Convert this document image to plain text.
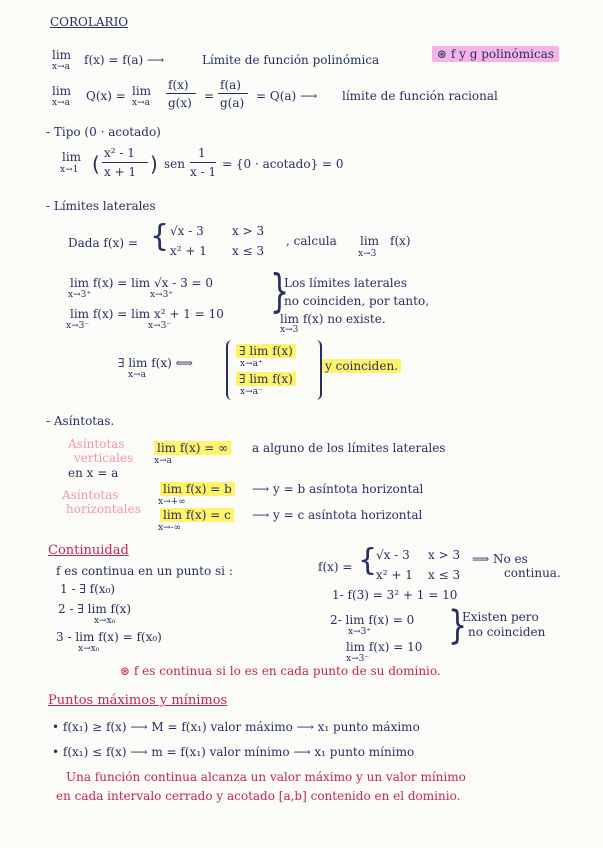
COROLARIO
⊛ f y g polinómicas
lim
x→a f(x) = f(a) ⟶	Límite de función polinómica
lim
x→a Q(x) = lim
x→a
f(x)
g(x) =
f(a)
g(a) = Q(a) ⟶ límite de función racional
- Tipo (0 · acotado)
lim
x→1 ( x² - 1
x + 1 ) sen
1
x - 1
= {0 · acotado} = 0
- Límites laterales
Dada f(x) = { √x - 3 x > 3
x² + 1 x ≤ 3
, calcula lim
x→3
f(x)
lim f(x) = lim √x - 3 = 0
x→3⁺	x→3⁺
lim f(x) = lim x² + 1 = 10
x→3⁻	x→3⁻
}
Los límites laterales
no coinciden, por tanto,
lim f(x) no existe.
x→3
∃ lim f(x) ⟺
x→a
∃ lim f(x)
x→a⁺
∃ lim f(x)
x→a⁻
y coinciden.
- Asíntotas.
Asíntotas
verticales
en x = a
lim f(x) = ∞
x→a
a alguno de los límites laterales
Asíntotas
horizontales
lim f(x) = b
x→+∞
⟶ y = b asíntota horizontal
lim f(x) = c
x→-∞
⟶ y = c asíntota horizontal
Continuidad
f es continua en un punto si :
1 - ∃ f(x₀)
2 - ∃ lim f(x)
x→x₀
3 - lim f(x) = f(x₀)
x→x₀
f(x) = {
√x - 3 x > 3
x² + 1 x ≤ 3
⟹ No es
continua.
1- f(3) = 3² + 1 = 10
2- lim f(x) = 0
x→3⁺
lim f(x) = 10
x→3⁻
}
Existen pero
no coinciden
⊛ f es continua si lo es en cada punto de su dominio.
Puntos máximos y mínimos
• f(x₁) ≥ f(x) ⟶ M = f(x₁) valor máximo ⟶ x₁ punto máximo
• f(x₁) ≤ f(x) ⟶ m = f(x₁) valor mínimo ⟶ x₁ punto mínimo
Una función continua alcanza un valor máximo y un valor mínimo
en cada intervalo cerrado y acotado [a,b] contenido en el dominio.
